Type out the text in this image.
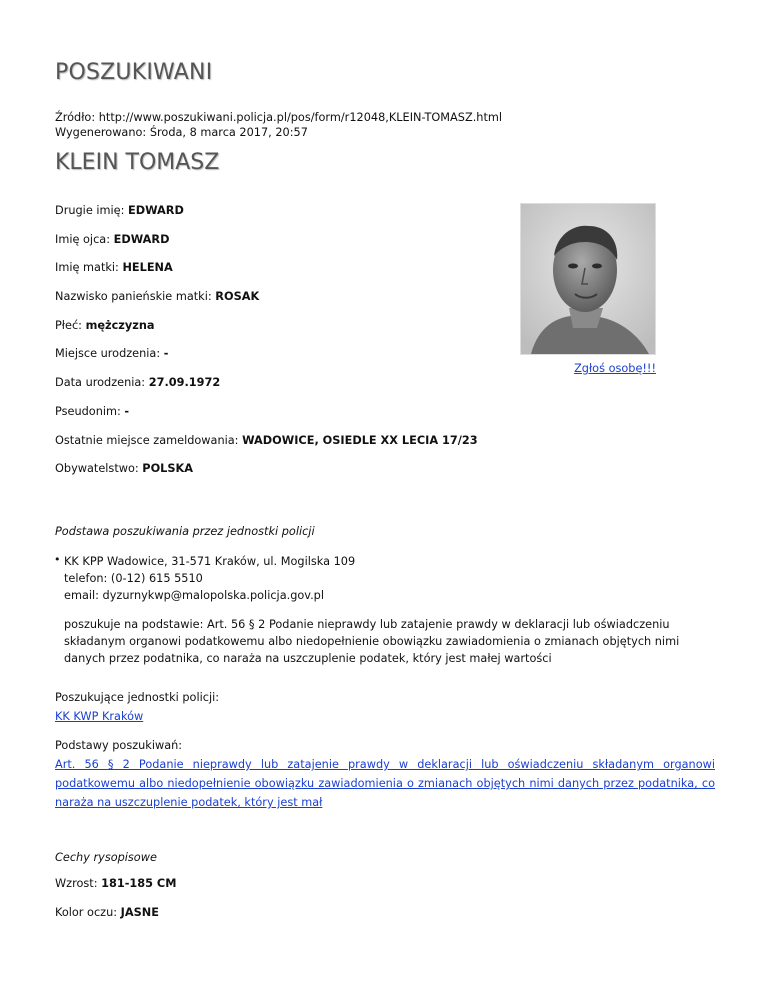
POSZUKIWANI
Źródło: http://www.poszukiwani.policja.pl/pos/form/r12048,KLEIN-TOMASZ.html
Wygenerowano: Środa, 8 marca 2017, 20:57
KLEIN TOMASZ
Drugie imię: EDWARD
Imię ojca: EDWARD
Imię matki: HELENA
Nazwisko panieńskie matki: ROSAK
Płeć: mężczyzna
Miejsce urodzenia: -
Data urodzenia: 27.09.1972
Pseudonim: -
Ostatnie miejsce zameldowania: WADOWICE, OSIEDLE XX LECIA 17/23
Obywatelstwo: POLSKA
Zgłoś osobę!!!
Podstawa poszukiwania przez jednostki policji
• KK KPP Wadowice, 31-571 Kraków, ul. Mogilska 109
telefon: (0-12) 615 5510
email: dyzurnykwp@malopolska.policja.gov.pl
poszukuje na podstawie: Art. 56 § 2 Podanie nieprawdy lub zatajenie prawdy w deklaracji lub oświadczeniu składanym organowi podatkowemu albo niedopełnienie obowiązku zawiadomienia o zmianach objętych nimi danych przez podatnika, co naraża na uszczuplenie podatek, który jest małej wartości
Poszukujące jednostki policji:
KK KWP Kraków
Podstawy poszukiwań:
Art. 56 § 2 Podanie nieprawdy lub zatajenie prawdy w deklaracji lub oświadczeniu składanym organowi podatkowemu albo niedopełnienie obowiązku zawiadomienia o zmianach objętych nimi danych przez podatnika, co naraża na uszczuplenie podatek, który jest mał
Cechy rysopisowe
Wzrost: 181-185 CM
Kolor oczu: JASNE
